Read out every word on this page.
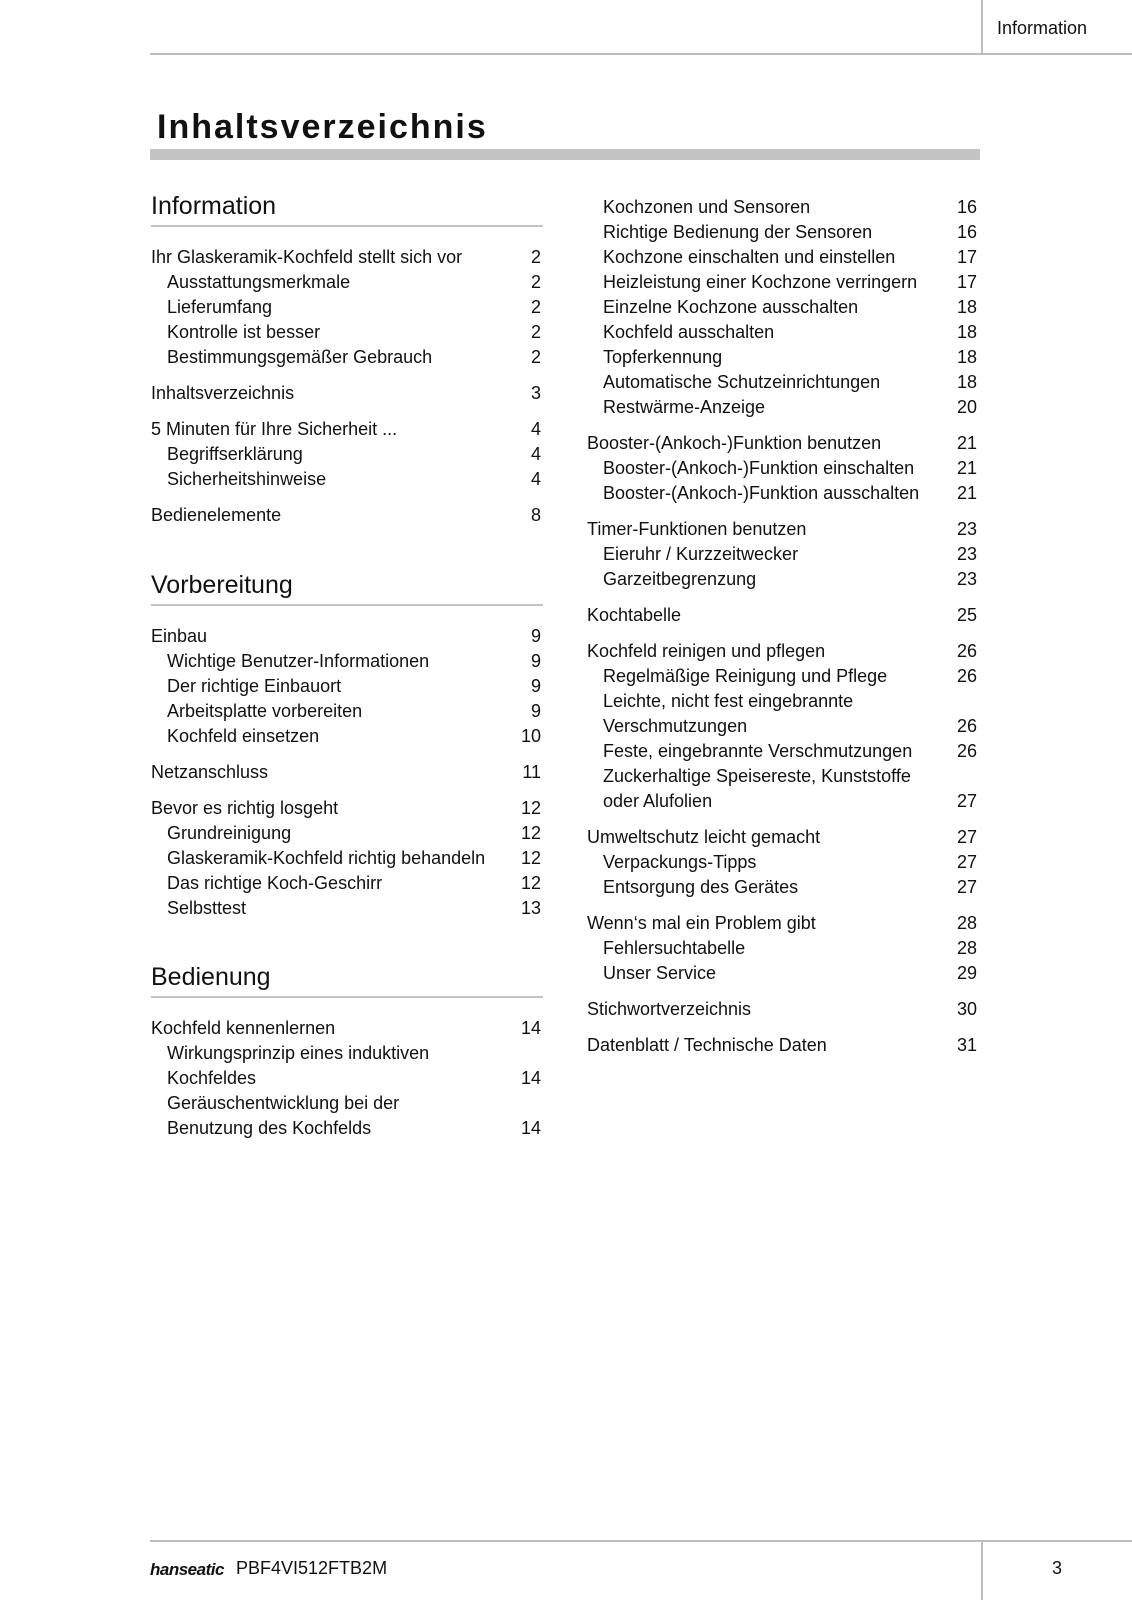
Information
Inhaltsverzeichnis
Information
Ihr Glaskeramik-Kochfeld stellt sich vor	2
Ausstattungsmerkmale	2
Lieferumfang	2
Kontrolle ist besser	2
Bestimmungsgemäßer Gebrauch	2
Inhaltsverzeichnis	3
5 Minuten für Ihre Sicherheit ...	4
Begriffserklärung	4
Sicherheitshinweise	4
Bedienelemente	8
Vorbereitung
Einbau	9
Wichtige Benutzer-Informationen	9
Der richtige Einbauort	9
Arbeitsplatte vorbereiten	9
Kochfeld einsetzen	10
Netzanschluss	11
Bevor es richtig losgeht	12
Grundreinigung	12
Glaskeramik-Kochfeld richtig behandeln 12
Das richtige Koch-Geschirr	12
Selbsttest	13
Bedienung
Kochfeld kennenlernen	14
Wirkungsprinzip eines induktiven
Kochfeldes	14
Geräuschentwicklung bei der
Benutzung des Kochfelds	14
Kochzonen und Sensoren	16
Richtige Bedienung der Sensoren	16
Kochzone einschalten und einstellen	17
Heizleistung einer Kochzone verringern 17
Einzelne Kochzone ausschalten	18
Kochfeld ausschalten	18
Topferkennung	18
Automatische Schutzeinrichtungen	18
Restwärme-Anzeige	20
Booster-(Ankoch-)Funktion benutzen	21
Booster-(Ankoch-)Funktion einschalten 21
Booster-(Ankoch-)Funktion ausschalten 21
Timer-Funktionen benutzen	23
Eieruhr / Kurzzeitwecker	23
Garzeitbegrenzung	23
Kochtabelle	25
Kochfeld reinigen und pflegen	26
Regelmäßige Reinigung und Pflege	26
Leichte, nicht fest eingebrannte
Verschmutzungen	26
Feste, eingebrannte Verschmutzungen 26
Zuckerhaltige Speisereste, Kunststoffe
oder Alufolien	27
Umweltschutz leicht gemacht	27
Verpackungs-Tipps	27
Entsorgung des Gerätes	27
Wenn‘s mal ein Problem gibt	28
Fehlersuchtabelle	28
Unser Service	29
Stichwortverzeichnis	30
Datenblatt / Technische Daten	31
hanseatic PBF4VI512FTB2M	3
